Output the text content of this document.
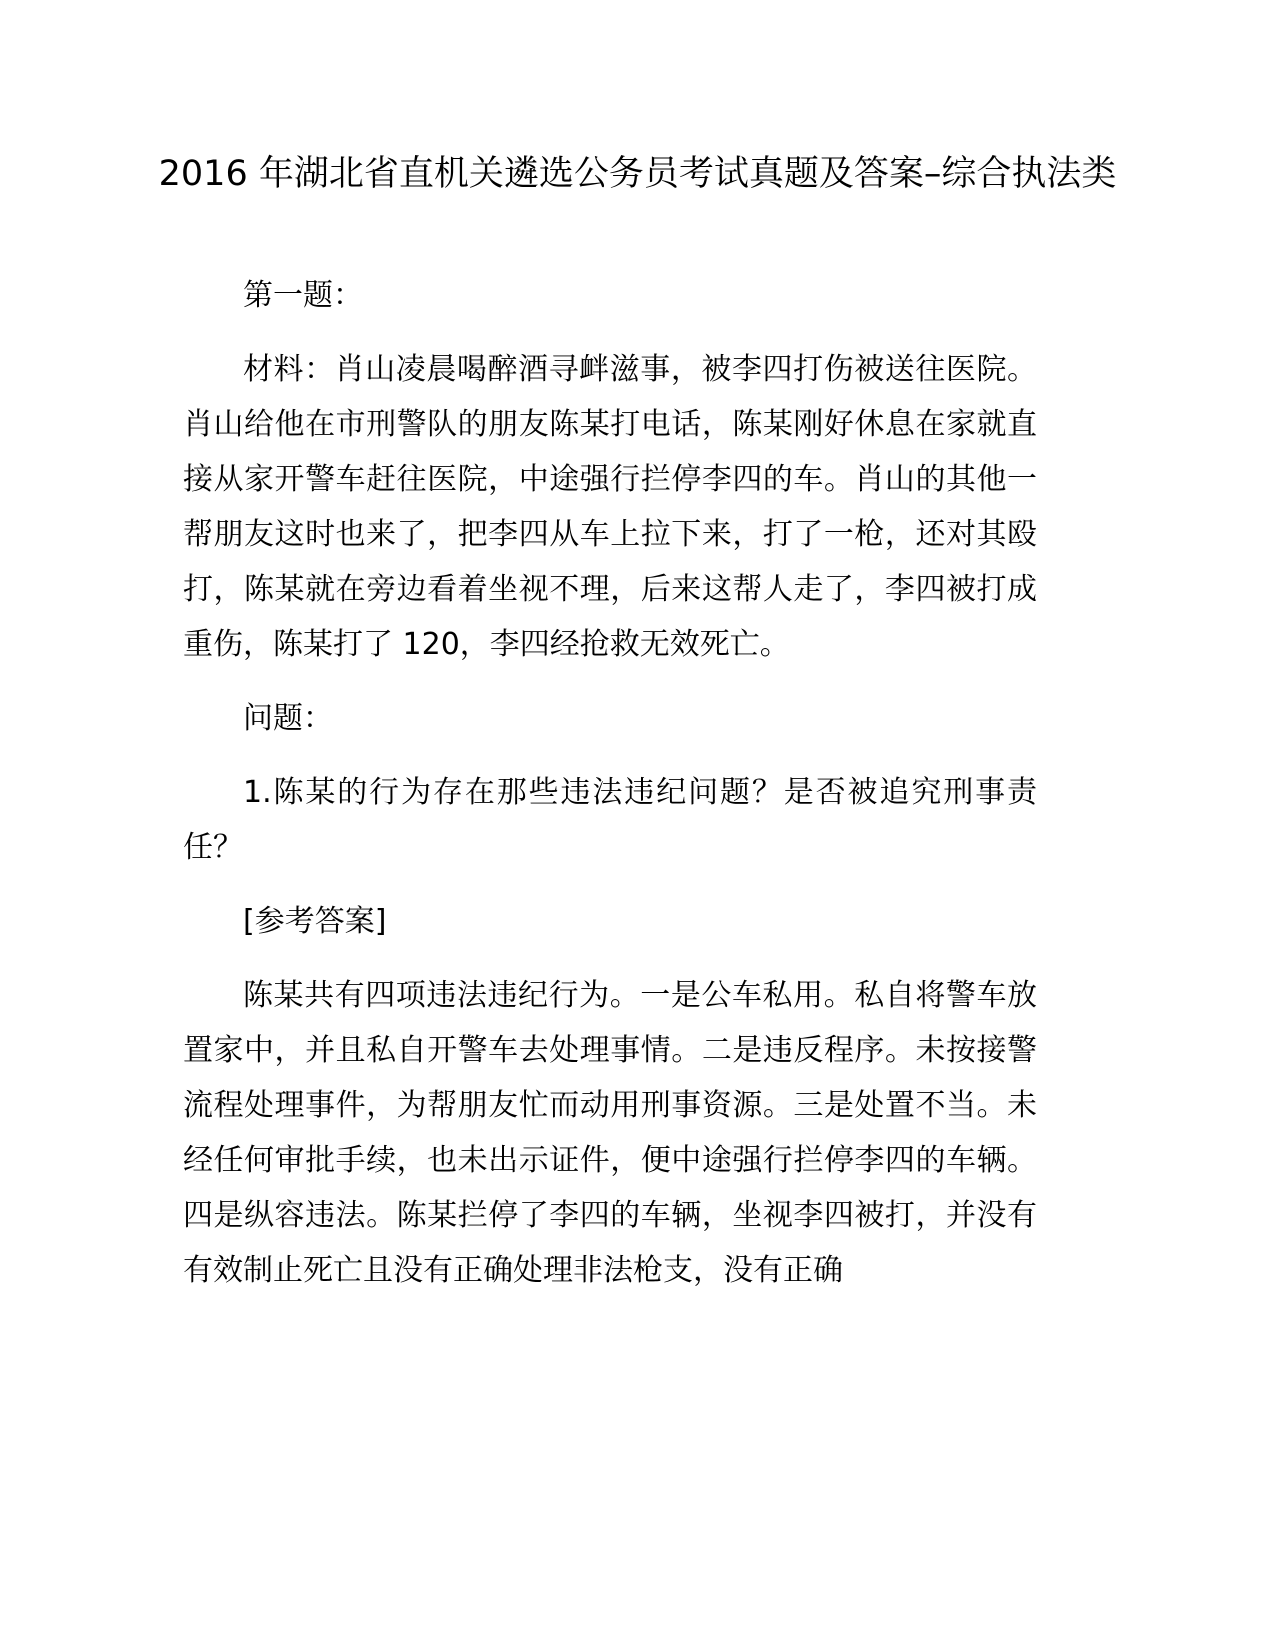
2016 年湖北省直机关遴选公务员考试真题及答案–综合执法类

第一题：

材料：肖山凌晨喝醉酒寻衅滋事，被李四打伤被送往医院。肖山给他在市刑警队的朋友陈某打电话，陈某刚好休息在家就直接从家开警车赶往医院，中途强行拦停李四的车。肖山的其他一帮朋友这时也来了，把李四从车上拉下来，打了一枪，还对其殴打，陈某就在旁边看着坐视不理，后来这帮人走了，李四被打成重伤，陈某打了 120，李四经抢救无效死亡。

问题：

1.陈某的行为存在那些违法违纪问题？是否被追究刑事责任？

[参考答案]

陈某共有四项违法违纪行为。一是公车私用。私自将警车放置家中，并且私自开警车去处理事情。二是违反程序。未按接警流程处理事件，为帮朋友忙而动用刑事资源。三是处置不当。未经任何审批手续，也未出示证件，便中途强行拦停李四的车辆。四是纵容违法。陈某拦停了李四的车辆，坐视李四被打，并没有有效制止死亡且没有正确处理非法枪支，没有正确
